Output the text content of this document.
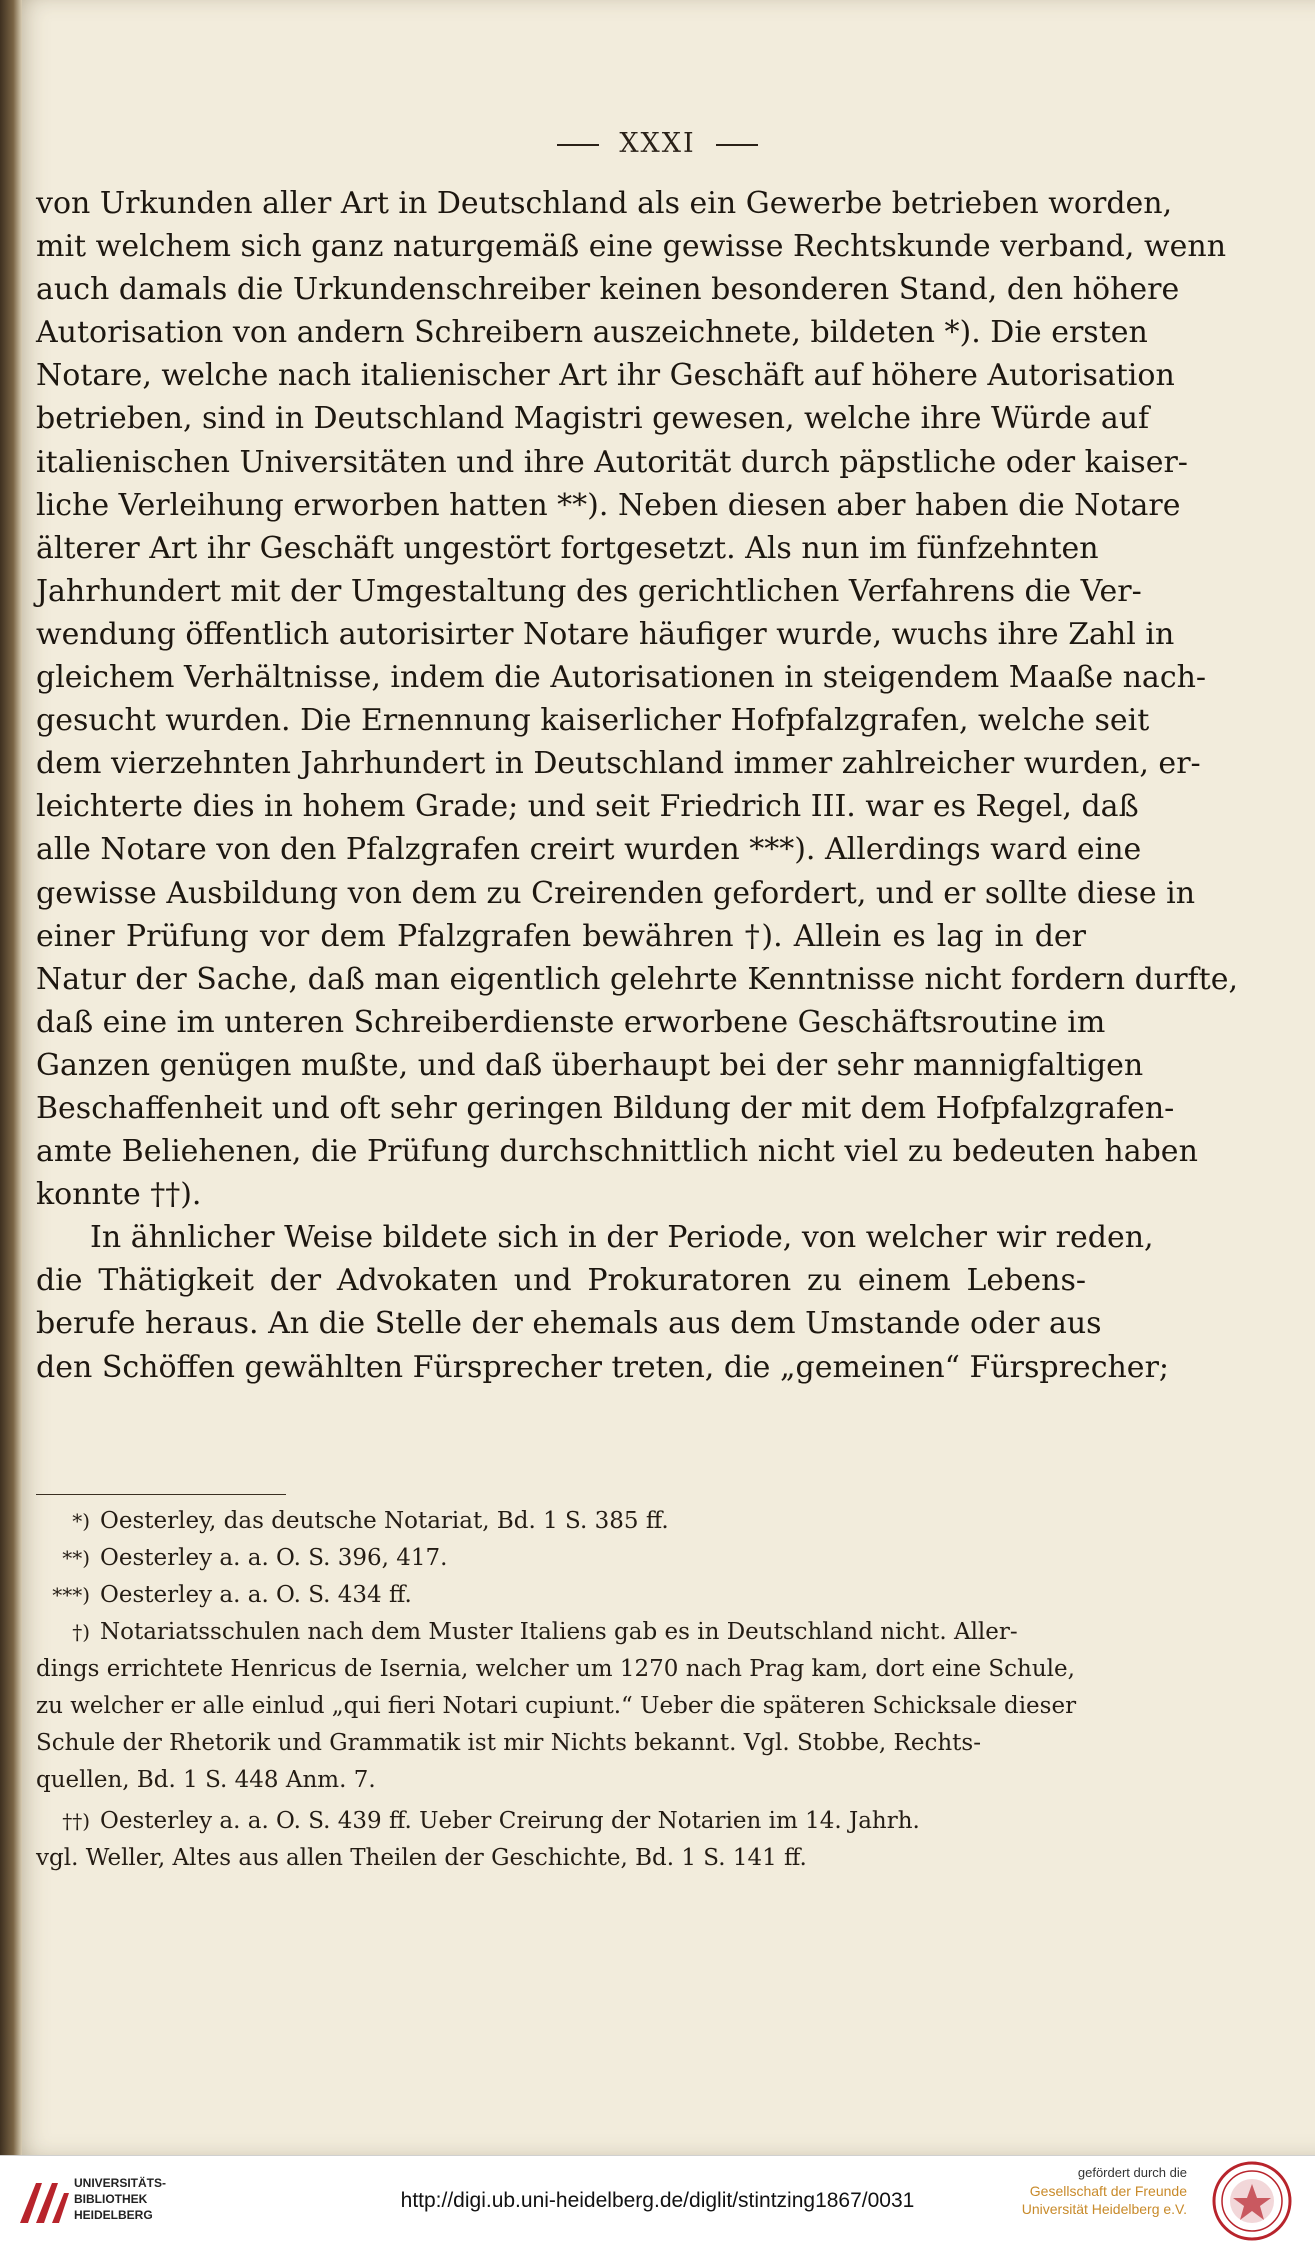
XXXI
von Urkunden aller Art in Deutschland als ein Gewerbe betrieben worden,
mit welchem sich ganz naturgemäß eine gewisse Rechtskunde verband, wenn
auch damals die Urkundenschreiber keinen besonderen Stand, den höhere
Autorisation von andern Schreibern auszeichnete, bildeten *). Die ersten
Notare, welche nach italienischer Art ihr Geschäft auf höhere Autorisation
betrieben, sind in Deutschland Magistri gewesen, welche ihre Würde auf
italienischen Universitäten und ihre Autorität durch päpstliche oder kaiser-
liche Verleihung erworben hatten **). Neben diesen aber haben die Notare
älterer Art ihr Geschäft ungestört fortgesetzt. Als nun im fünfzehnten
Jahrhundert mit der Umgestaltung des gerichtlichen Verfahrens die Ver-
wendung öffentlich autorisirter Notare häufiger wurde, wuchs ihre Zahl in
gleichem Verhältnisse, indem die Autorisationen in steigendem Maaße nach-
gesucht wurden. Die Ernennung kaiserlicher Hofpfalzgrafen, welche seit
dem vierzehnten Jahrhundert in Deutschland immer zahlreicher wurden, er-
leichterte dies in hohem Grade; und seit Friedrich III. war es Regel, daß
alle Notare von den Pfalzgrafen creirt wurden ***). Allerdings ward eine
gewisse Ausbildung von dem zu Creirenden gefordert, und er sollte diese in
einer Prüfung vor dem Pfalzgrafen bewähren †). Allein es lag in der
Natur der Sache, daß man eigentlich gelehrte Kenntnisse nicht fordern durfte,
daß eine im unteren Schreiberdienste erworbene Geschäftsroutine im
Ganzen genügen mußte, und daß überhaupt bei der sehr mannigfaltigen
Beschaffenheit und oft sehr geringen Bildung der mit dem Hofpfalzgrafen-
amte Beliehenen, die Prüfung durchschnittlich nicht viel zu bedeuten haben
konnte ††).
In ähnlicher Weise bildete sich in der Periode, von welcher wir reden,
die Thätigkeit der Advokaten und Prokuratoren zu einem Lebens-
berufe heraus. An die Stelle der ehemals aus dem Umstande oder aus
den Schöffen gewählten Fürsprecher treten, die „gemeinen“ Fürsprecher;
*) Oesterley, das deutsche Notariat, Bd. 1 S. 385 ff.
**) Oesterley a. a. O. S. 396, 417.
***) Oesterley a. a. O. S. 434 ff.
†) Notariatsschulen nach dem Muster Italiens gab es in Deutschland nicht. Aller-
dings errichtete Henricus de Isernia, welcher um 1270 nach Prag kam, dort eine Schule,
zu welcher er alle einlud „qui fieri Notari cupiunt.“ Ueber die späteren Schicksale dieser
Schule der Rhetorik und Grammatik ist mir Nichts bekannt. Vgl. Stobbe, Rechts-
quellen, Bd. 1 S. 448 Anm. 7.
††) Oesterley a. a. O. S. 439 ff. Ueber Creirung der Notarien im 14. Jahrh.
vgl. Weller, Altes aus allen Theilen der Geschichte, Bd. 1 S. 141 ff.
UNIVERSITÄTS-
BIBLIOTHEK
HEIDELBERG
http://digi.ub.uni-heidelberg.de/diglit/stintzing1867/0031
gefördert durch die
Gesellschaft der Freunde
Universität Heidelberg e.V.
